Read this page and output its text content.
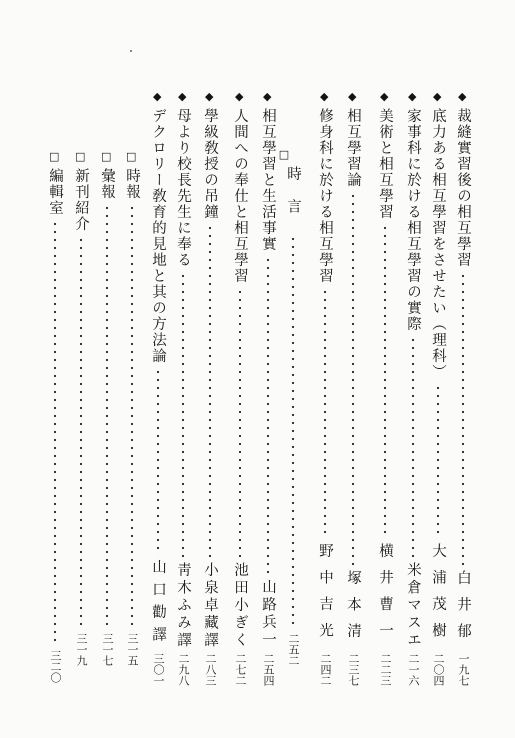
◆裁縫實習後の相互學習
白井郁
一九七
◆底力ある相互學習をさせたい（理科）
大浦茂樹
二〇四
◆家事科に於ける相互學習の實際
米倉マスエ
二一六
◆美術と相互學習
横井曹一
二二三
◆相互學習論
塚本清
二三七
◆修身科に於ける相互學習
野中吉光
二四二
□時言
二五二
◆相互學習と生活事實
山路兵一
二五四
◆人間への奉仕と相互學習
池田小ぎく
二七二
◆學級敎授の吊鐘
小泉卓藏譯
二八三
◆母より校長先生に奉る
靑木ふみ譯
二九八
◆デクロリー敎育的見地と其の方法論
山口勸譯
三〇一
□時報
三一五
□彙報
三一七
□新刊紹介
三一九
□編輯室
三二〇
